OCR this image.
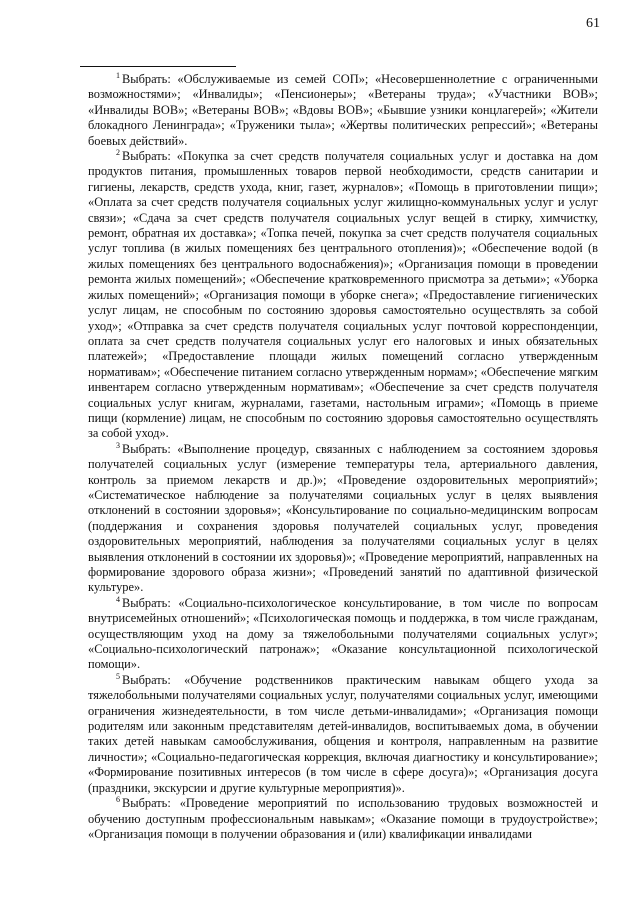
61

$^1$ Выбрать: «Обслуживаемые из семей СОП»; «Несовершеннолетние с ограниченными возможностями»; «Инвалиды»; «Пенсионеры»; «Ветераны труда»; «Участники ВОВ»; «Инвалиды ВОВ»; «Ветераны ВОВ»; «Вдовы ВОВ»; «Бывшие узники концлагерей»; «Жители блокадного Ленинграда»; «Труженики тыла»; «Жертвы политических репрессий»; «Ветераны боевых действий».

$^2$ Выбрать: «Покупка за счет средств получателя социальных услуг и доставка на дом продуктов питания, промышленных товаров первой необходимости, средств санитарии и гигиены, лекарств, средств ухода, книг, газет, журналов»; «Помощь в приготовлении пищи»; «Оплата за счет средств получателя социальных услуг жилищно-коммунальных услуг и услуг связи»; «Сдача за счет средств получателя социальных услуг вещей в стирку, химчистку, ремонт, обратная их доставка»; «Топка печей, покупка за счет средств получателя социальных услуг топлива (в жилых помещениях без центрального отопления)»; «Обеспечение водой (в жилых помещениях без центрального водоснабжения)»; «Организация помощи в проведении ремонта жилых помещений»; «Обеспечение кратковременного присмотра за детьми»; «Уборка жилых помещений»; «Организация помощи в уборке снега»; «Предоставление гигиенических услуг лицам, не способным по состоянию здоровья самостоятельно осуществлять за собой уход»; «Отправка за счет средств получателя социальных услуг почтовой корреспонденции, оплата за счет средств получателя социальных услуг его налоговых и иных обязательных платежей»; «Предоставление площади жилых помещений согласно утвержденным нормативам»; «Обеспечение питанием согласно утвержденным нормам»; «Обеспечение мягким инвентарем согласно утвержденным нормативам»; «Обеспечение за счет средств получателя социальных услуг книгам, журналами, газетами, настольным играми»; «Помощь в приеме пищи (кормление) лицам, не способным по состоянию здоровья самостоятельно осуществлять за собой уход».

$^3$ Выбрать: «Выполнение процедур, связанных с наблюдением за состоянием здоровья получателей социальных услуг (измерение температуры тела, артериального давления, контроль за приемом лекарств и др.)»; «Проведение оздоровительных мероприятий»; «Систематическое наблюдение за получателями социальных услуг в целях выявления отклонений в состоянии здоровья»; «Консультирование по социально-медицинским вопросам (поддержания и сохранения здоровья получателей социальных услуг, проведения оздоровительных мероприятий, наблюдения за получателями социальных услуг в целях выявления отклонений в состоянии их здоровья)»; «Проведение мероприятий, направленных на формирование здорового образа жизни»; «Проведений занятий по адаптивной физической культуре».

$^4$ Выбрать: «Социально-психологическое консультирование, в том числе по вопросам внутрисемейных отношений»; «Психологическая помощь и поддержка, в том числе гражданам, осуществляющим уход на дому за тяжелобольными получателями социальных услуг»; «Социально-психологический патронаж»; «Оказание консультационной психологической помощи».

$^5$ Выбрать: «Обучение родственников практическим навыкам общего ухода за тяжелобольными получателями социальных услуг, получателями социальных услуг, имеющими ограничения жизнедеятельности, в том числе детьми-инвалидами»; «Организация помощи родителям или законным представителям детей-инвалидов, воспитываемых дома, в обучении таких детей навыкам самообслуживания, общения и контроля, направленным на развитие личности»; «Социально-педагогическая коррекция, включая диагностику и консультирование»; «Формирование позитивных интересов (в том числе в сфере досуга)»; «Организация досуга (праздники, экскурсии и другие культурные мероприятия)».

$^6$ Выбрать: «Проведение мероприятий по использованию трудовых возможностей и обучению доступным профессиональным навыкам»; «Оказание помощи в трудоустройстве»; «Организация помощи в получении образования и (или) квалификации инвалидами
